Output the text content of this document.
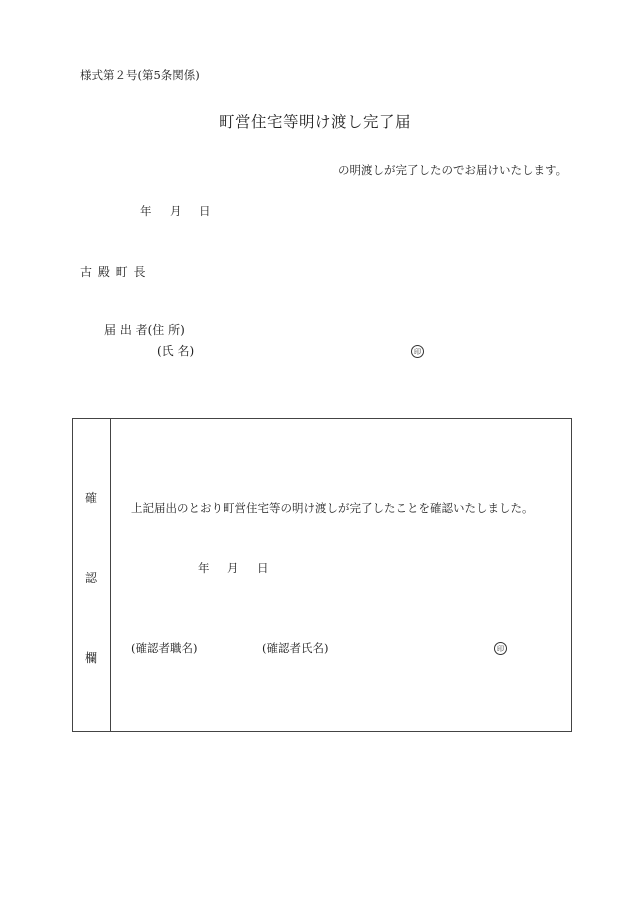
様式第２号(第5条関係)
町営住宅等明け渡し完了届
の明渡しが完了したのでお届けいたします。
年 月 日
古 殿 町 長
届 出 者(住 所)
(氏 名)	印
確
認
欄
上記届出のとおり町営住宅等の明け渡しが完了したことを確認いたしました。
年 月 日
(確認者職名)	(確認者氏名)	印
